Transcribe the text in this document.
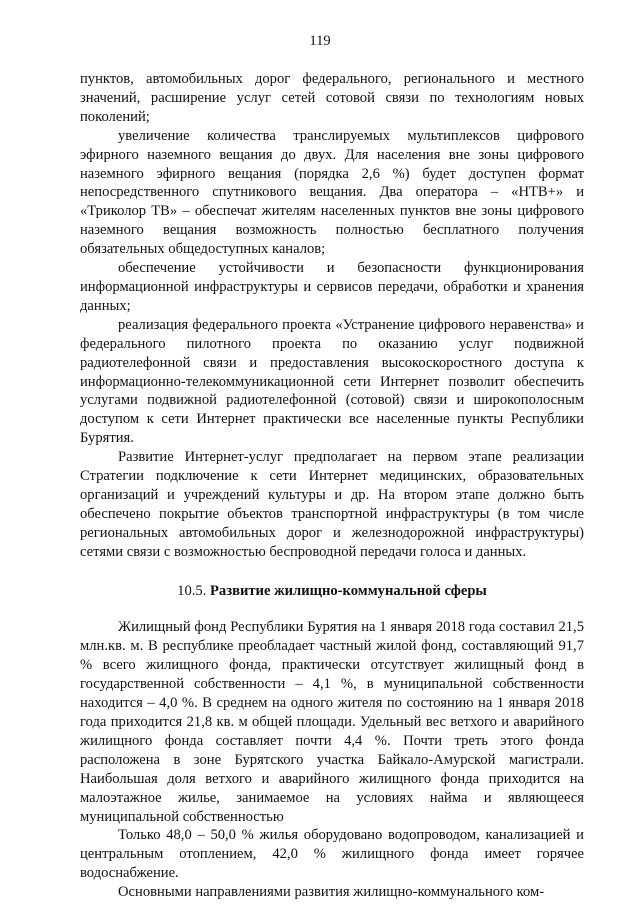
119

пунктов, автомобильных дорог федерального, регионального и местного значений, расширение услуг сетей сотовой связи по технологиям новых поколений;

увеличение количества транслируемых мультиплексов цифрового эфирного наземного вещания до двух. Для населения вне зоны цифрового наземного эфирного вещания (порядка 2,6 %) будет доступен формат непосредственного спутникового вещания. Два оператора – «НТВ+» и «Триколор ТВ» – обеспечат жителям населенных пунктов вне зоны цифрового наземного вещания возможность полностью бесплатного получения обязательных общедоступных каналов;

обеспечение устойчивости и безопасности функционирования информационной инфраструктуры и сервисов передачи, обработки и хранения данных;

реализация федерального проекта «Устранение цифрового неравенства» и федерального пилотного проекта по оказанию услуг подвижной радиотелефонной связи и предоставления высокоскоростного доступа к информационно-телекоммуникационной сети Интернет позволит обеспечить услугами подвижной радиотелефонной (сотовой) связи и широкополосным доступом к сети Интернет практически все населенные пункты Республики Бурятия.

Развитие Интернет-услуг предполагает на первом этапе реализации Стратегии подключение к сети Интернет медицинских, образовательных организаций и учреждений культуры и др. На втором этапе должно быть обеспечено покрытие объектов транспортной инфраструктуры (в том числе региональных автомобильных дорог и железнодорожной инфраструктуры) сетями связи с возможностью беспроводной передачи голоса и данных.

10.5. Развитие жилищно-коммунальной сферы

Жилищный фонд Республики Бурятия на 1 января 2018 года составил 21,5 млн.кв. м. В республике преобладает частный жилой фонд, составляющий 91,7 % всего жилищного фонда, практически отсутствует жилищный фонд в государственной собственности – 4,1 %, в муниципальной собственности находится – 4,0 %. В среднем на одного жителя по состоянию на 1 января 2018 года приходится 21,8 кв. м общей площади. Удельный вес ветхого и аварийного жилищного фонда составляет почти 4,4 %. Почти треть этого фонда расположена в зоне Бурятского участка Байкало-Амурской магистрали. Наибольшая доля ветхого и аварийного жилищного фонда приходится на малоэтажное жилье, занимаемое на условиях найма и являющееся муниципальной собственностью

Только 48,0 – 50,0 % жилья оборудовано водопроводом, канализацией и центральным отоплением, 42,0 % жилищного фонда имеет горячее водоснабжение.

Основными направлениями развития жилищно-коммунального ком-
